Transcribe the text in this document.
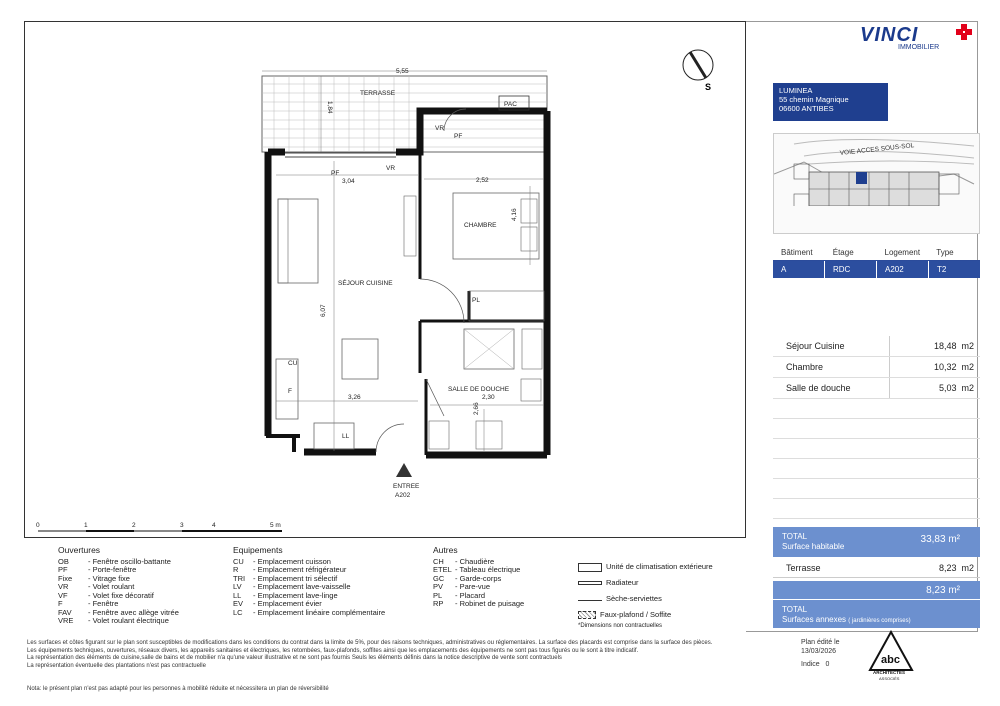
VINCI
IMMOBILIER
S	LUMINEA
55 chemin Magnique
06600 ANTIBES
VOIE ACCES SOUS-SOL
Bâtiment	Étage	Logement	Type
A	RDC	A202	T2
Séjour Cuisine	18,48 m2
Chambre	10,32 m2
Salle de douche	5,03 m2
TOTAL
Surface habitable
33,83 m²
Terrasse	8,23 m2
8,23 m²
TOTAL
Surfaces annexes ( jardinières comprises)
TERRASSE
PAC
CHAMBRE
SÉJOUR CUISINE
SALLE DE DOUCHE
PL
CU
F
LL
VR
VR
PF
PF
5,55
1,84
3,04	2,52
4,16
6,07
3,26	2,30
2,66
ENTREE
A202
0	1	2	3	4	5 m
Ouvertures
OB	- Fenêtre oscillo-battante
PF	- Porte-fenêtre
Fixe	- Vitrage fixe
VR	- Volet roulant
VF	- Volet fixe décoratif
F	- Fenêtre
FAV	- Fenêtre avec allège vitrée
VRE	- Volet roulant électrique
Equipements
CU	- Emplacement cuisson
R	- Emplacement réfrigérateur
TRI	- Emplacement tri sélectif
LV	- Emplacement lave-vaisselle
LL	- Emplacement lave-linge
EV	- Emplacement évier
LC	- Emplacement linéaire complémentaire
Autres
CH	- Chaudière
ETEL - Tableau électrique
GC	- Garde-corps
PV	- Pare-vue
PL	- Placard
RP	- Robinet de puisage
Unité de climatisation extérieure
Radiateur
Sèche-serviettes
Faux-plafond / Soffite
*Dimensions non contractuelles
Les surfaces et côtes figurant sur le plan sont susceptibles de modifications dans les conditions du contrat dans la limite de 5%, pour des raisons techniques, administratives ou réglementaires. La surface des placards est comprise dans la surface des pièces.
Les équipements techniques, ouvertures, réseaux divers, les appareils sanitaires et électriques, les retombées, faux-plafonds, soffites ainsi que les emplacements des équipements ne sont pas tous figurés ou le sont à titre indicatif.
La représentation des éléments de cuisine,salle de bains et de mobilier n'a qu'une valeur illustrative et ne sont pas fournis Seuls les éléments définis dans la notice descriptive de vente sont contractuels
La représentation éventuelle des plantations n'est pas contractuelle
Nota: le présent plan n'est pas adapté pour les personnes à mobilité réduite et nécessitera un plan de réversibilité
Plan édité le
13/03/2026
Indice 0	abc
ARCHITECTES
ASSOCIÉS
